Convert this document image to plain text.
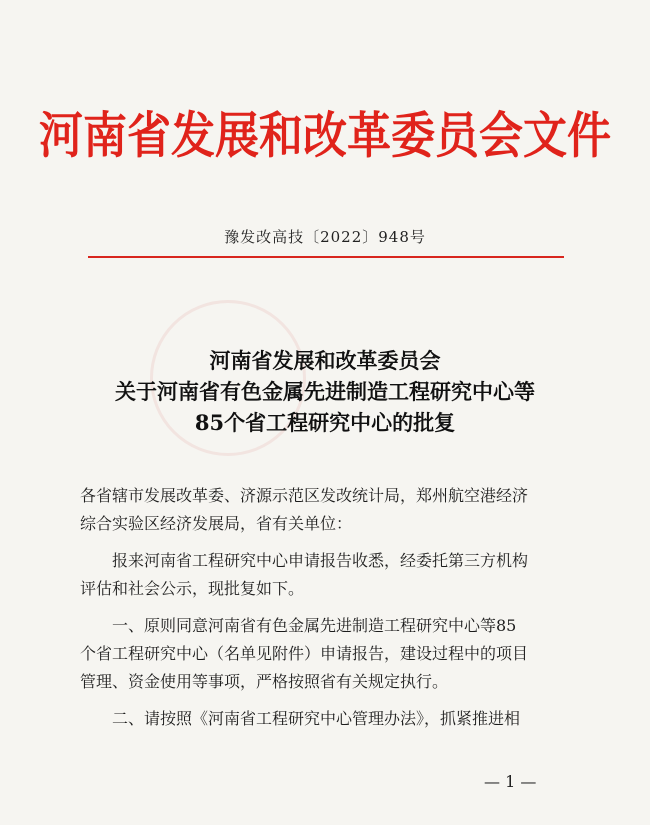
河南省发展和改革委员会文件
豫发改高技〔2022〕948号
河南省发展和改革委员会
关于河南省有色金属先进制造工程研究中心等
85个省工程研究中心的批复

各省辖市发展改革委、济源示范区发改统计局，郑州航空港经济
综合实验区经济发展局，省有关单位：

报来河南省工程研究中心申请报告收悉，经委托第三方机构
评估和社会公示，现批复如下。

一、原则同意河南省有色金属先进制造工程研究中心等85
个省工程研究中心（名单见附件）申请报告，建设过程中的项目
管理、资金使用等事项，严格按照省有关规定执行。

二、请按照《河南省工程研究中心管理办法》，抓紧推进相

— 1 —
